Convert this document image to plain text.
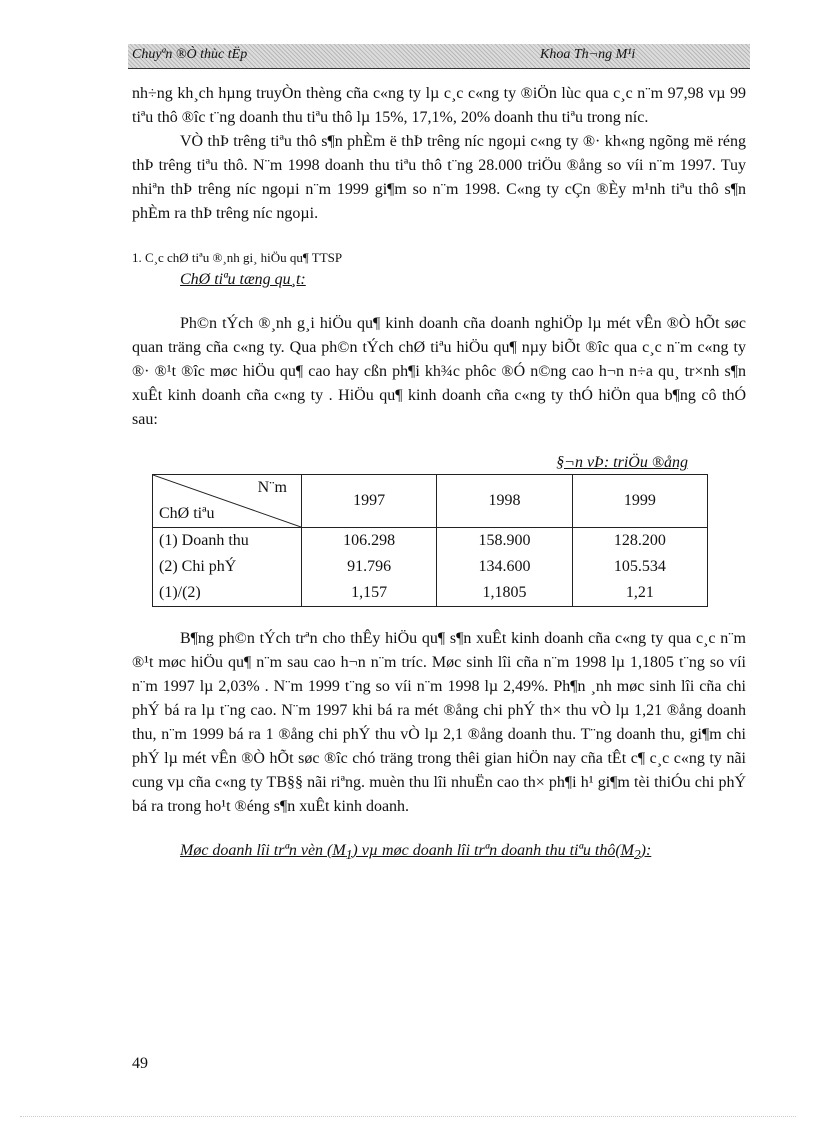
Chuyªn ®Ò thùc tËp	Khoa Th¬ng M¹i

nh÷ng kh¸ch hµng truyÒn thèng cña c«ng ty lµ c¸c c«ng ty ®iÖn lùc qua c¸c n¨m 97,98 vµ 99 tiªu thô ®îc t¨ng doanh thu tiªu thô lµ 15%, 17,1%, 20% doanh thu tiªu trong níc.

VÒ thÞ trêng tiªu thô s¶n phÈm ë thÞ trêng níc ngoµi c«ng ty ®· kh«ng ngõng më réng thÞ trêng tiªu thô. N¨m 1998 doanh thu tiªu thô t¨ng 28.000 triÖu ®ång so víi n¨m 1997. Tuy nhiªn thÞ trêng níc ngoµi n¨m 1999 gi¶m so n¨m 1998. C«ng ty cÇn ®Èy m¹nh tiªu thô s¶n phÈm ra thÞ trêng níc ngoµi.

1. C¸c chØ tiªu ®¸nh gi¸ hiÖu qu¶ TTSP
ChØ tiªu tæng qu¸t:

Ph©n tÝch ®¸nh g¸i hiÖu qu¶ kinh doanh cña doanh nghiÖp lµ mét vÊn ®Ò hÕt søc quan träng cña c«ng ty. Qua ph©n tÝch chØ tiªu hiÖu qu¶ nµy biÕt ®îc qua c¸c n¨m c«ng ty ®· ®¹t ®îc møc hiÖu qu¶ cao hay cßn ph¶i kh¾c phôc ®Ó n©ng cao h¬n n÷a qu¸ tr×nh s¶n xuÊt kinh doanh cña c«ng ty . HiÖu qu¶ kinh doanh cña c«ng ty thÓ hiÖn qua b¶ng cô thÓ sau:

§¬n vÞ: triÖu ®ång
N¨m
ChØ tiªu	1997	1998	1999
(1) Doanh thu	106.298	158.900	128.200
(2) Chi phÝ	91.796	134.600	105.534
(1)/(2)	1,157	1,1805	1,21

B¶ng ph©n tÝch trªn cho thÊy hiÖu qu¶ s¶n xuÊt kinh doanh cña c«ng ty qua c¸c n¨m ®¹t møc hiÖu qu¶ n¨m sau cao h¬n n¨m tríc. Møc sinh lîi cña n¨m 1998 lµ 1,1805 t¨ng so víi n¨m 1997 lµ 2,03% . N¨m 1999 t¨ng so víi n¨m 1998 lµ 2,49%. Ph¶n ¸nh møc sinh lîi cña chi phÝ bá ra lµ t¨ng cao. N¨m 1997 khi bá ra mét ®ång chi phÝ th× thu vÒ lµ 1,21 ®ång doanh thu, n¨m 1999 bá ra 1 ®ång chi phÝ thu vÒ lµ 2,1 ®ång doanh thu. T¨ng doanh thu, gi¶m chi phÝ lµ mét vÊn ®Ò hÕt søc ®îc chó träng trong thêi gian hiÖn nay cña tÊt c¶ c¸c c«ng ty nãi cung vµ cña c«ng ty TB§§ nãi riªng. muèn thu lîi nhuËn cao th× ph¶i h¹ gi¶m tèi thiÓu chi phÝ bá ra trong ho¹t ®éng s¶n xuÊt kinh doanh.

Møc doanh lîi trªn vèn $(M_1)$ vµ møc doanh lîi trªn doanh thu tiªu $thô(M_2)$:
49
